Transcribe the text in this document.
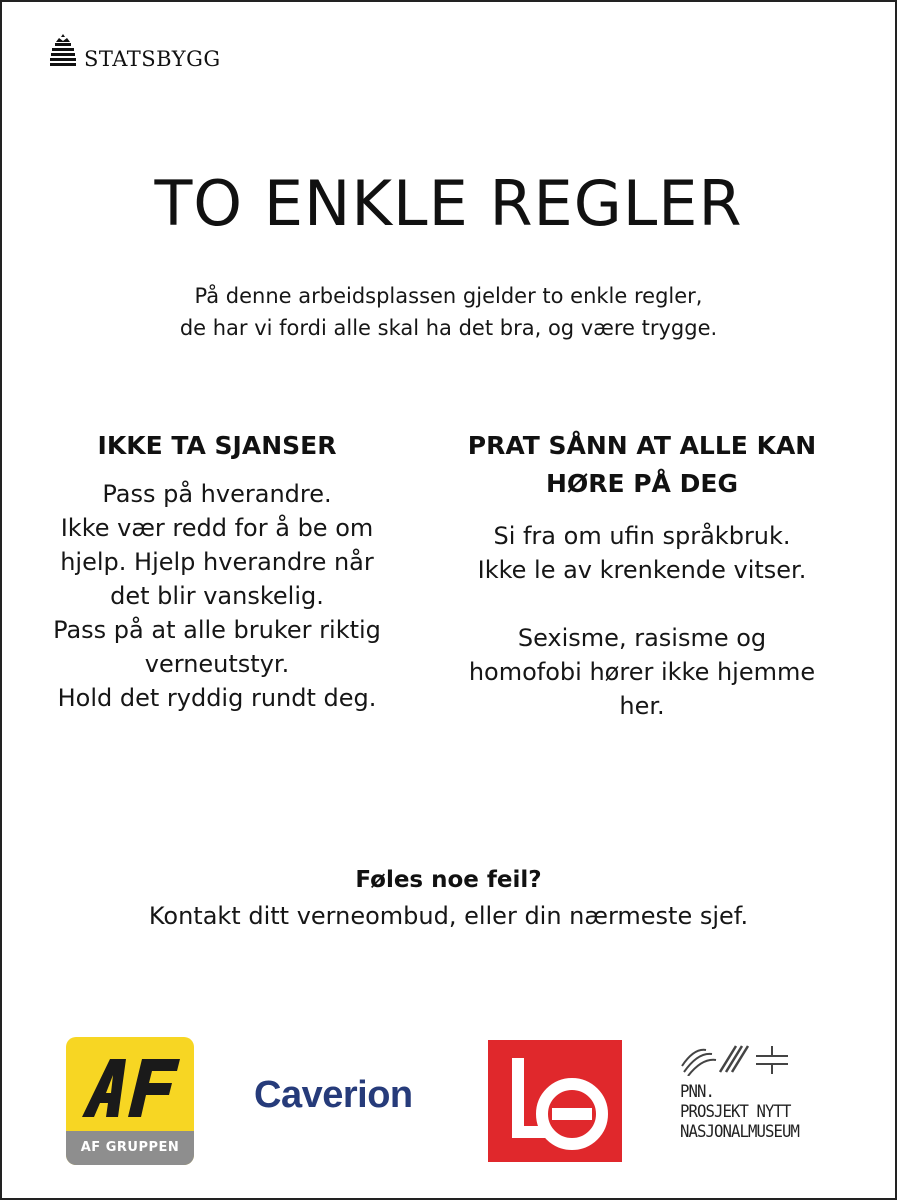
STATSBYGG
TO ENKLE REGLER
På denne arbeidsplassen gjelder to enkle regler,
de har vi fordi alle skal ha det bra, og være trygge.
IKKE TA SJANSER
Pass på hverandre.
Ikke vær redd for å be om
hjelp. Hjelp hverandre når
det blir vanskelig.
Pass på at alle bruker riktig
verneutstyr.
Hold det ryddig rundt deg.
PRAT SÅNN AT ALLE KAN
HØRE PÅ DEG
Si fra om ufin språkbruk.
Ikke le av krenkende vitser.

Sexisme, rasisme og
homofobi hører ikke hjemme
her.
Føles noe feil?
Kontakt ditt verneombud, eller din nærmeste sjef.
AF GRUPPEN
Caverion	PNN.
PROSJEKT NYTT
NASJONALMUSEUM
